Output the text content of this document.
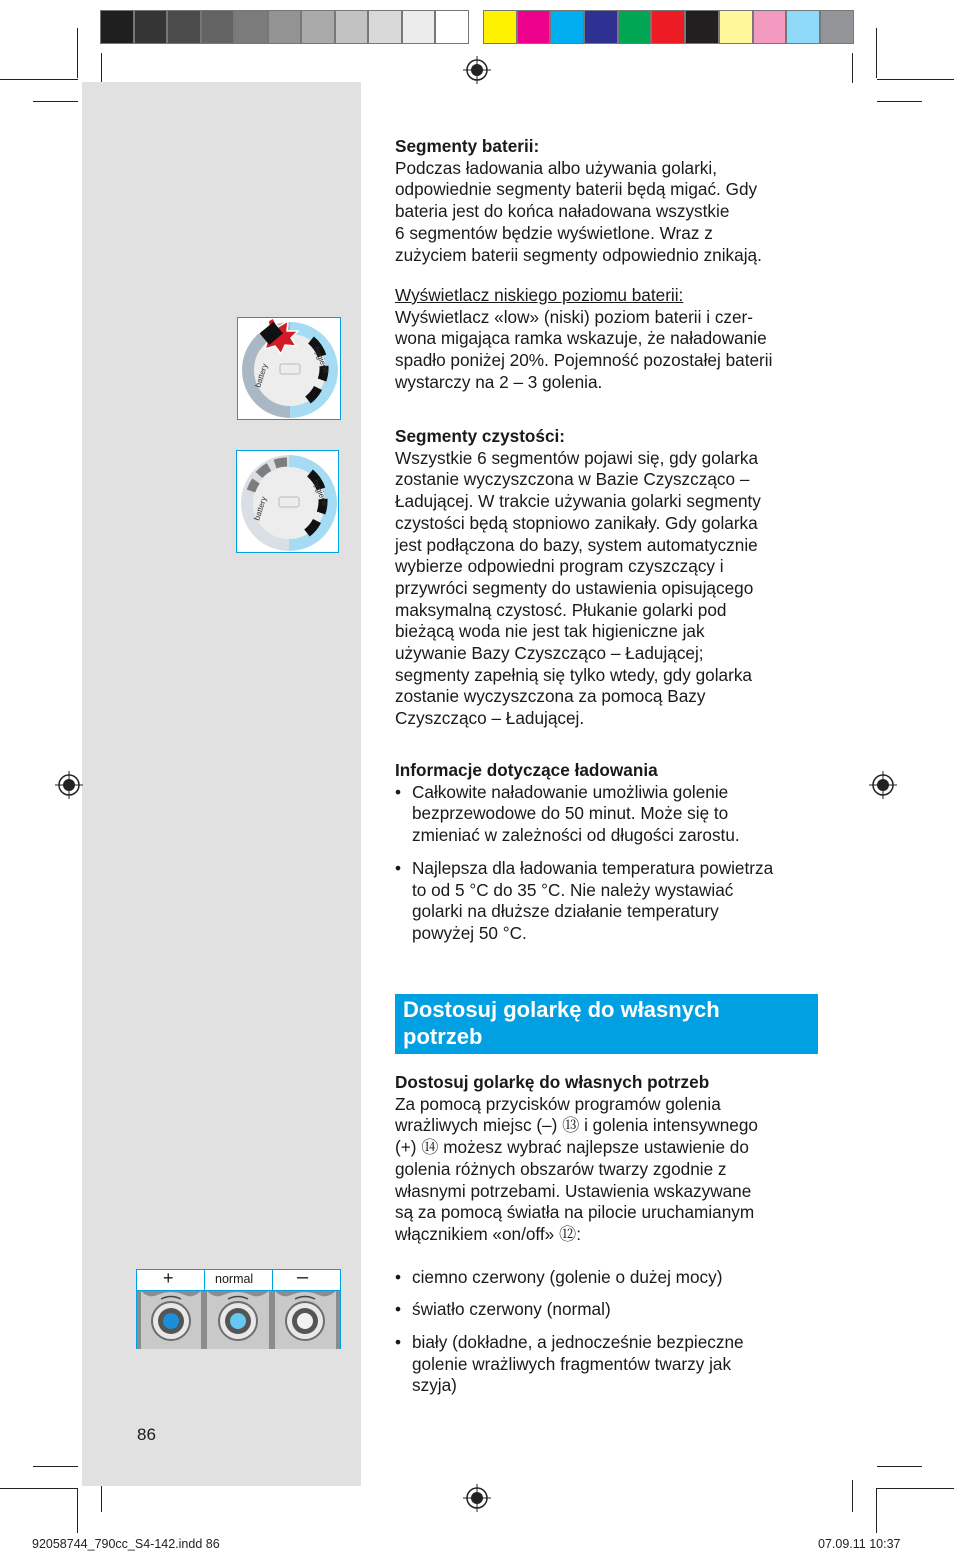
battery
hygiene
battery
hygiene
+	normal –

Segmenty baterii:

Podczas ładowania albo używania golarki,

odpowiednie segmenty baterii będą migać. Gdy

bateria jest do końca naładowana wszystkie

6 segmentów będzie wyświetlone. Wraz z

zużyciem baterii segmenty odpowiednio znikają.

Wyświetlacz niskiego poziomu baterii:

Wyświetlacz «low» (niski) poziom baterii i czer-

wona migająca ramka wskazuje, że naładowanie

spadło poniżej 20%. Pojemność pozostałej baterii

wystarczy na 2 – 3 golenia.

Segmenty czystości:

Wszystkie 6 segmentów pojawi się, gdy golarka

zostanie wyczyszczona w Bazie Czyszcząco –

Ładującej. W trakcie używania golarki segmenty

czystości będą stopniowo zanikały. Gdy golarka

jest podłączona do bazy, system automatycznie

wybierze odpowiedni program czyszczący i

przywróci segmenty do ustawienia opisującego

maksymalną czystosć. Płukanie golarki pod

bieżącą woda nie jest tak higieniczne jak

używanie Bazy Czyszcząco – Ładującej;

segmenty zapełnią się tylko wtedy, gdy golarka

zostanie wyczyszczona za pomocą Bazy

Czyszcząco – Ładującej.

Informacje dotyczące ładowania

• Całkowite naładowanie umożliwia golenie

bezprzewodowe do 50 minut. Może się to

zmieniać w zależności od długości zarostu.

• Najlepsza dla ładowania temperatura powietrza

to od 5 °C do 35 °C. Nie należy wystawiać

golarki na dłuższe działanie temperatury

powyżej 50 °C.

Dostosuj golarkę do własnych
potrzeb

Dostosuj golarkę do własnych potrzeb

Za pomocą przycisków programów golenia

wrażliwych miejsc (–) ⑬ i golenia intensywnego

(+) ⑭ możesz wybrać najlepsze ustawienie do

golenia różnych obszarów twarzy zgodnie z

własnymi potrzebami. Ustawienia wskazywane

są za pomocą światła na pilocie uruchamianym

włącznikiem «on/off» ⑫:

• ciemno czerwony (golenie o dużej mocy)

• światło czerwony (normal)

• biały (dokładne, a jednocześnie bezpieczne

golenie wrażliwych fragmentów twarzy jak

szyja)

86
92058744_790cc_S4-142.indd 86	07.09.11 10:37
